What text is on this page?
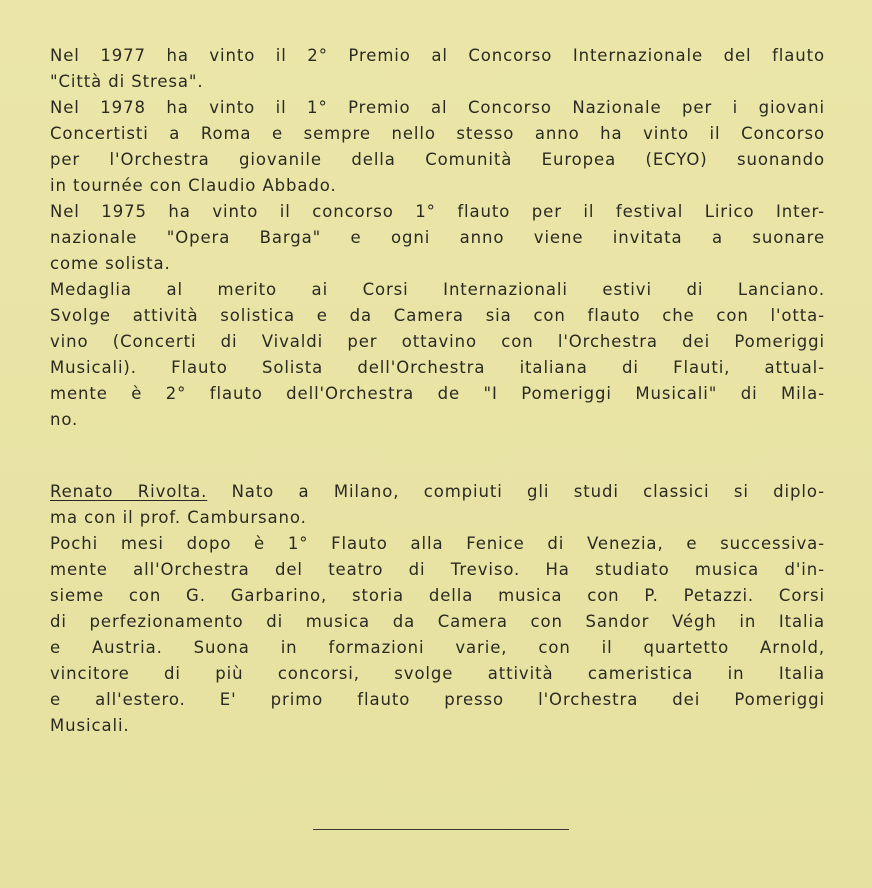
Nel 1977 ha vinto il 2° Premio al Concorso Internazionale del flauto
"Città di Stresa".
Nel 1978 ha vinto il 1° Premio al Concorso Nazionale per i giovani
Concertisti a Roma e sempre nello stesso anno ha vinto il Concorso
per l'Orchestra giovanile della Comunità Europea (ECYO) suonando
in tournée con Claudio Abbado.
Nel 1975 ha vinto il concorso 1° flauto per il festival Lirico Inter-
nazionale "Opera Barga" e ogni anno viene invitata a suonare
come solista.
Medaglia al merito ai Corsi Internazionali estivi di Lanciano.
Svolge attività solistica e da Camera sia con flauto che con l'otta-
vino (Concerti di Vivaldi per ottavino con l'Orchestra dei Pomeriggi
Musicali). Flauto Solista dell'Orchestra italiana di Flauti, attual-
mente è 2° flauto dell'Orchestra de "I Pomeriggi Musicali" di Mila-
no.
Renato Rivolta. Nato a Milano, compiuti gli studi classici si diplo-
ma con il prof. Cambursano.
Pochi mesi dopo è 1° Flauto alla Fenice di Venezia, e successiva-
mente all'Orchestra del teatro di Treviso. Ha studiato musica d'in-
sieme con G. Garbarino, storia della musica con P. Petazzi. Corsi
di perfezionamento di musica da Camera con Sandor Végh in Italia
e Austria. Suona in formazioni varie, con il quartetto Arnold,
vincitore di più concorsi, svolge attività cameristica in Italia
e all'estero. E' primo flauto presso l'Orchestra dei Pomeriggi
Musicali.
